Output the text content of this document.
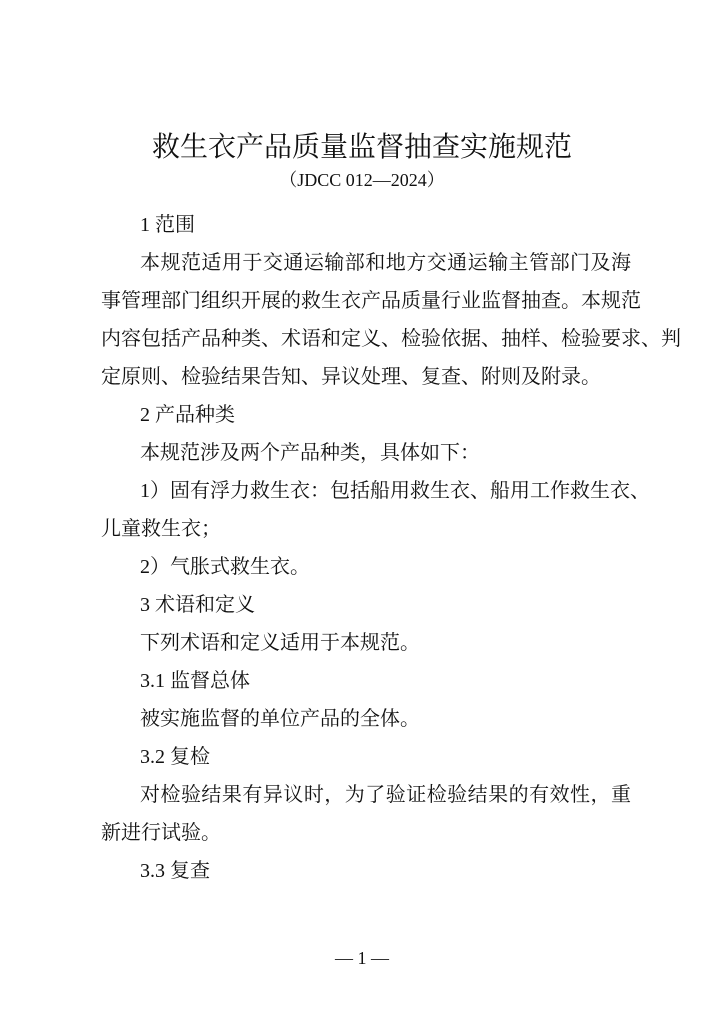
救生衣产品质量监督抽查实施规范
（JDCC 012—2024）
1 范围
本规范适用于交通运输部和地方交通运输主管部门及海
事管理部门组织开展的救生衣产品质量行业监督抽查。本规范
内容包括产品种类、术语和定义、检验依据、抽样、检验要求、判
定原则、检验结果告知、异议处理、复查、附则及附录。
2 产品种类
本规范涉及两个产品种类，具体如下：
1）固有浮力救生衣：包括船用救生衣、船用工作救生衣、
儿童救生衣；
2）气胀式救生衣。
3 术语和定义
下列术语和定义适用于本规范。
3.1 监督总体
被实施监督的单位产品的全体。
3.2 复检
对检验结果有异议时，为了验证检验结果的有效性，重
新进行试验。
3.3 复查
— 1 —
